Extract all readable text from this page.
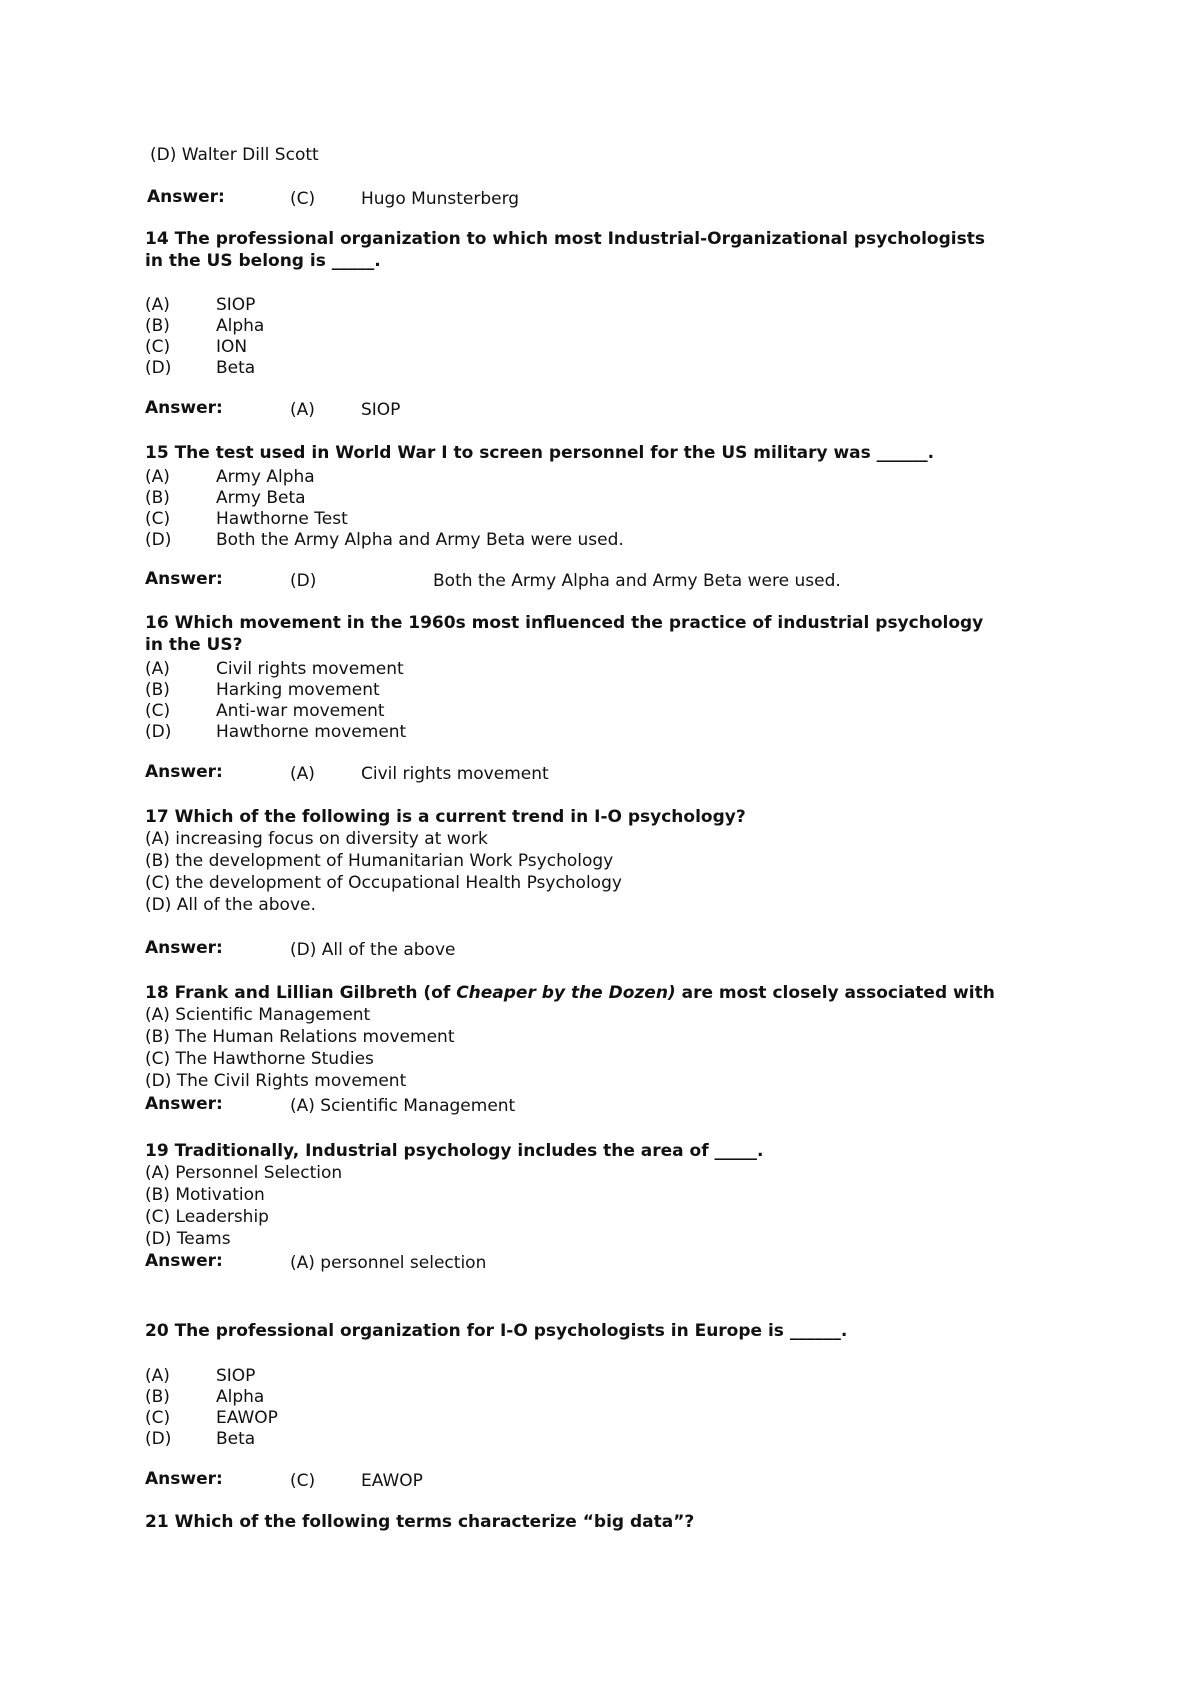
(D) Walter Dill Scott
Answer:	(C)	Hugo Munsterberg
14 The professional organization to which most Industrial-Organizational psychologists
in the US belong is _____.
(A)	SIOP
(B)	Alpha
(C)	ION
(D)	Beta
Answer:	(A)	SIOP
15 The test used in World War I to screen personnel for the US military was ______.
(A)	Army Alpha
(B)	Army Beta
(C)	Hawthorne Test
(D)	Both the Army Alpha and Army Beta were used.
Answer:	(D)	Both the Army Alpha and Army Beta were used.
16 Which movement in the 1960s most influenced the practice of industrial psychology
in the US?
(A)	Civil rights movement
(B)	Harking movement
(C)	Anti-war movement
(D)	Hawthorne movement
Answer:	(A)	Civil rights movement
17 Which of the following is a current trend in I-O psychology?
(A) increasing focus on diversity at work
(B) the development of Humanitarian Work Psychology
(C) the development of Occupational Health Psychology
(D) All of the above.
Answer:	(D) All of the above
18 Frank and Lillian Gilbreth (of Cheaper by the Dozen) are most closely associated with
(A) Scientific Management
(B) The Human Relations movement
(C) The Hawthorne Studies
(D) The Civil Rights movement
Answer:	(A) Scientific Management
19 Traditionally, Industrial psychology includes the area of _____.
(A) Personnel Selection
(B) Motivation
(C) Leadership
(D) Teams
Answer:	(A) personnel selection
20 The professional organization for I-O psychologists in Europe is ______.
(A)	SIOP
(B)	Alpha
(C)	EAWOP
(D)	Beta
Answer:	(C)	EAWOP
21 Which of the following terms characterize “big data”?
